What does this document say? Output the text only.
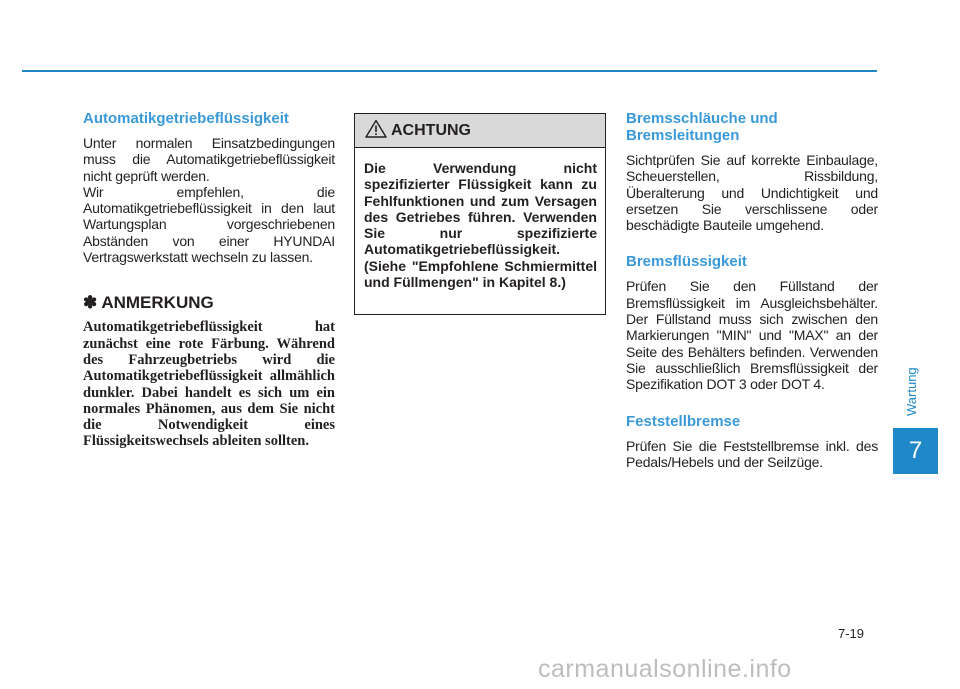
Automatikgetriebeflüssigkeit

Unter normalen Einsatzbedingungen muss die Automatikgetriebeflüssigkeit nicht geprüft werden.

Wir empfehlen, die Automatikgetriebeflüssigkeit in den laut Wartungsplan vorgeschriebenen Abständen von einer HYUNDAI Vertragswerkstatt wechseln zu lassen.

✽ ANMERKUNG

Automatikgetriebeflüssigkeit hat zunächst eine rote Färbung. Während des Fahrzeugbetriebs wird die Automatikgetriebeflüssigkeit allmählich dunkler. Dabei handelt es sich um ein normales Phänomen, aus dem Sie nicht die Notwendigkeit eines Flüssigkeitswechsels ableiten sollten.

ACHTUNG

Die Verwendung nicht spezifizierter Flüssigkeit kann zu Fehlfunktionen und zum Versagen des Getriebes führen. Verwenden Sie nur spezifizierte Automatikgetriebeflüssigkeit. (Siehe "Empfohlene Schmiermittel und Füllmengen" in Kapitel 8.)

Bremsschläuche und Bremsleitungen

Sichtprüfen Sie auf korrekte Einbaulage, Scheuerstellen, Rissbildung, Überalterung und Undichtigkeit und ersetzen Sie verschlissene oder beschädigte Bauteile umgehend.

Bremsflüssigkeit

Prüfen Sie den Füllstand der Bremsflüssigkeit im Ausgleichsbehälter. Der Füllstand muss sich zwischen den Markierungen "MIN" und "MAX" an der Seite des Behälters befinden. Verwenden Sie ausschließlich Bremsflüssigkeit der Spezifikation DOT 3 oder DOT 4.

Feststellbremse

Prüfen Sie die Feststellbremse inkl. des Pedals/Hebels und der Seilzüge.

Wartung
7
7-19
carmanualsonline.info
